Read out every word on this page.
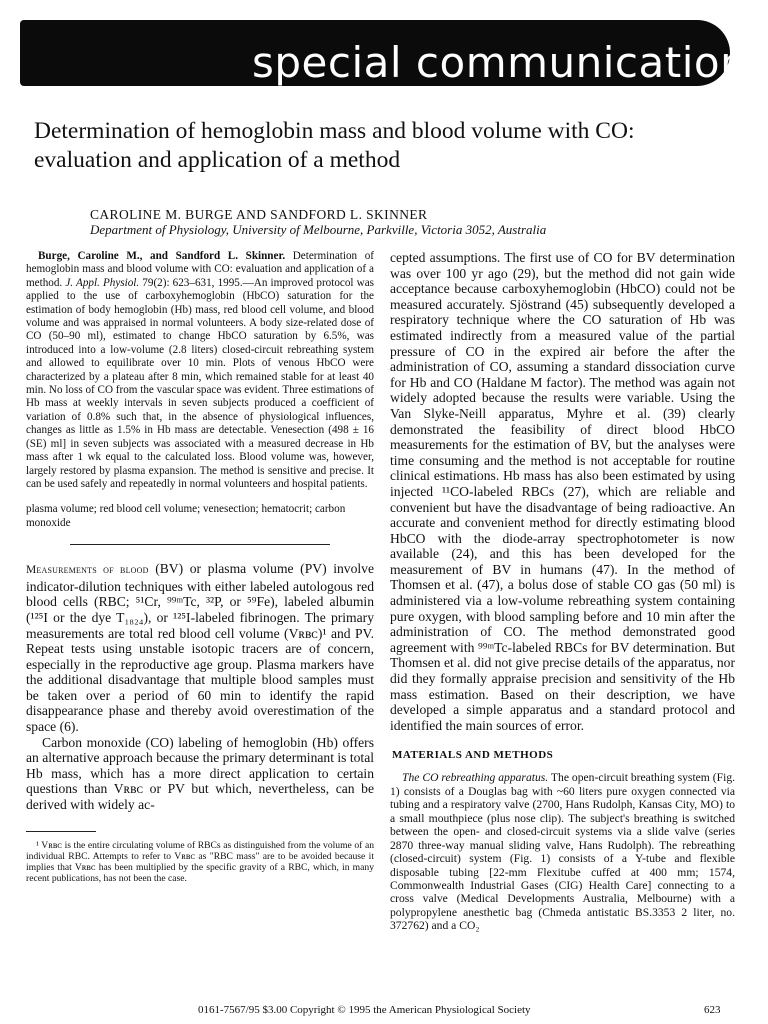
special communication
Determination of hemoglobin mass and blood volume with CO: evaluation and application of a method
CAROLINE M. BURGE AND SANDFORD L. SKINNER
Department of Physiology, University of Melbourne, Parkville, Victoria 3052, Australia

Burge, Caroline M., and Sandford L. Skinner. Determination of hemoglobin mass and blood volume with CO: evaluation and application of a method. J. Appl. Physiol. 79(2): 623–631, 1995.—An improved protocol was applied to the use of carboxyhemoglobin (HbCO) saturation for the estimation of body hemoglobin (Hb) mass, red blood cell volume, and blood volume and was appraised in normal volunteers. A body size-related dose of CO (50–90 ml), estimated to change HbCO saturation by 6.5%, was introduced into a low-volume (2.8 liters) closed-circuit rebreathing system and allowed to equilibrate over 10 min. Plots of venous HbCO were characterized by a plateau after 8 min, which remained stable for at least 40 min. No loss of CO from the vascular space was evident. Three estimations of Hb mass at weekly intervals in seven subjects produced a coefficient of variation of 0.8% such that, in the absence of physiological influences, changes as little as 1.5% in Hb mass are detectable. Venesection (498 ± 16 (SE) ml] in seven subjects was associated with a measured decrease in Hb mass after 1 wk equal to the calculated loss. Blood volume was, however, largely restored by plasma expansion. The method is sensitive and precise. It can be used safely and repeatedly in normal volunteers and hospital patients.

plasma volume; red blood cell volume; venesection; hematocrit; carbon monoxide

Measurements of blood (BV) or plasma volume (PV) involve indicator-dilution techniques with either labeled autologous red blood cells (RBC; ⁵¹Cr, ⁹⁹ᵐTc, ³²P, or ⁵⁹Fe), labeled albumin (¹²⁵I or the dye T₁₈₂₄), or ¹²⁵I-labeled fibrinogen. The primary measurements are total red blood cell volume (Vʀʙᴄ)¹ and PV. Repeat tests using unstable isotopic tracers are of concern, especially in the reproductive age group. Plasma markers have the additional disadvantage that multiple blood samples must be taken over a period of 60 min to identify the rapid disappearance phase and thereby avoid overestimation of the space (6).

Carbon monoxide (CO) labeling of hemoglobin (Hb) offers an alternative approach because the primary determinant is total Hb mass, which has a more direct application to certain questions than Vʀʙᴄ or PV but which, nevertheless, can be derived with widely ac-

¹ Vʀʙᴄ is the entire circulating volume of RBCs as distinguished from the volume of an individual RBC. Attempts to refer to Vʀʙᴄ as "RBC mass" are to be avoided because it implies that Vʀʙᴄ has been multiplied by the specific gravity of a RBC, which, in many recent publications, has not been the case.

cepted assumptions. The first use of CO for BV determination was over 100 yr ago (29), but the method did not gain wide acceptance because carboxyhemoglobin (HbCO) could not be measured accurately. Sjöstrand (45) subsequently developed a respiratory technique where the CO saturation of Hb was estimated indirectly from a measured value of the partial pressure of CO in the expired air before the after the administration of CO, assuming a standard dissociation curve for Hb and CO (Haldane M factor). The method was again not widely adopted because the results were variable. Using the Van Slyke-Neill apparatus, Myhre et al. (39) clearly demonstrated the feasibility of direct blood HbCO measurements for the estimation of BV, but the analyses were time consuming and the method is not acceptable for routine clinical estimations. Hb mass has also been estimated by using injected ¹¹CO-labeled RBCs (27), which are reliable and convenient but have the disadvantage of being radioactive. An accurate and convenient method for directly estimating blood HbCO with the diode-array spectrophotometer is now available (24), and this has been developed for the measurement of BV in humans (47). In the method of Thomsen et al. (47), a bolus dose of stable CO gas (50 ml) is administered via a low-volume rebreathing system containing pure oxygen, with blood sampling before and 10 min after the administration of CO. The method demonstrated good agreement with ⁹⁹ᵐTc-labeled RBCs for BV determination. But Thomsen et al. did not give precise details of the apparatus, nor did they formally appraise precision and sensitivity of the Hb mass estimation. Based on their description, we have developed a simple apparatus and a standard protocol and identified the main sources of error.
MATERIALS AND METHODS

The CO rebreathing apparatus. The open-circuit breathing system (Fig. 1) consists of a Douglas bag with ~60 liters pure oxygen connected via tubing and a respiratory valve (2700, Hans Rudolph, Kansas City, MO) to a small mouthpiece (plus nose clip). The subject's breathing is switched between the open- and closed-circuit systems via a slide valve (series 2870 three-way manual sliding valve, Hans Rudolph). The rebreathing (closed-circuit) system (Fig. 1) consists of a Y-tube and flexible disposable tubing [22-mm Flexitube cuffed at 400 mm; 1574, Commonwealth Industrial Gases (CIG) Health Care] connecting to a cross valve (Medical Developments Australia, Melbourne) with a polypropylene anesthetic bag (Chmeda antistatic BS.3353 2 liter, no. 372762) and a CO₂

0161-7567/95 $3.00 Copyright © 1995 the American Physiological Society	623
